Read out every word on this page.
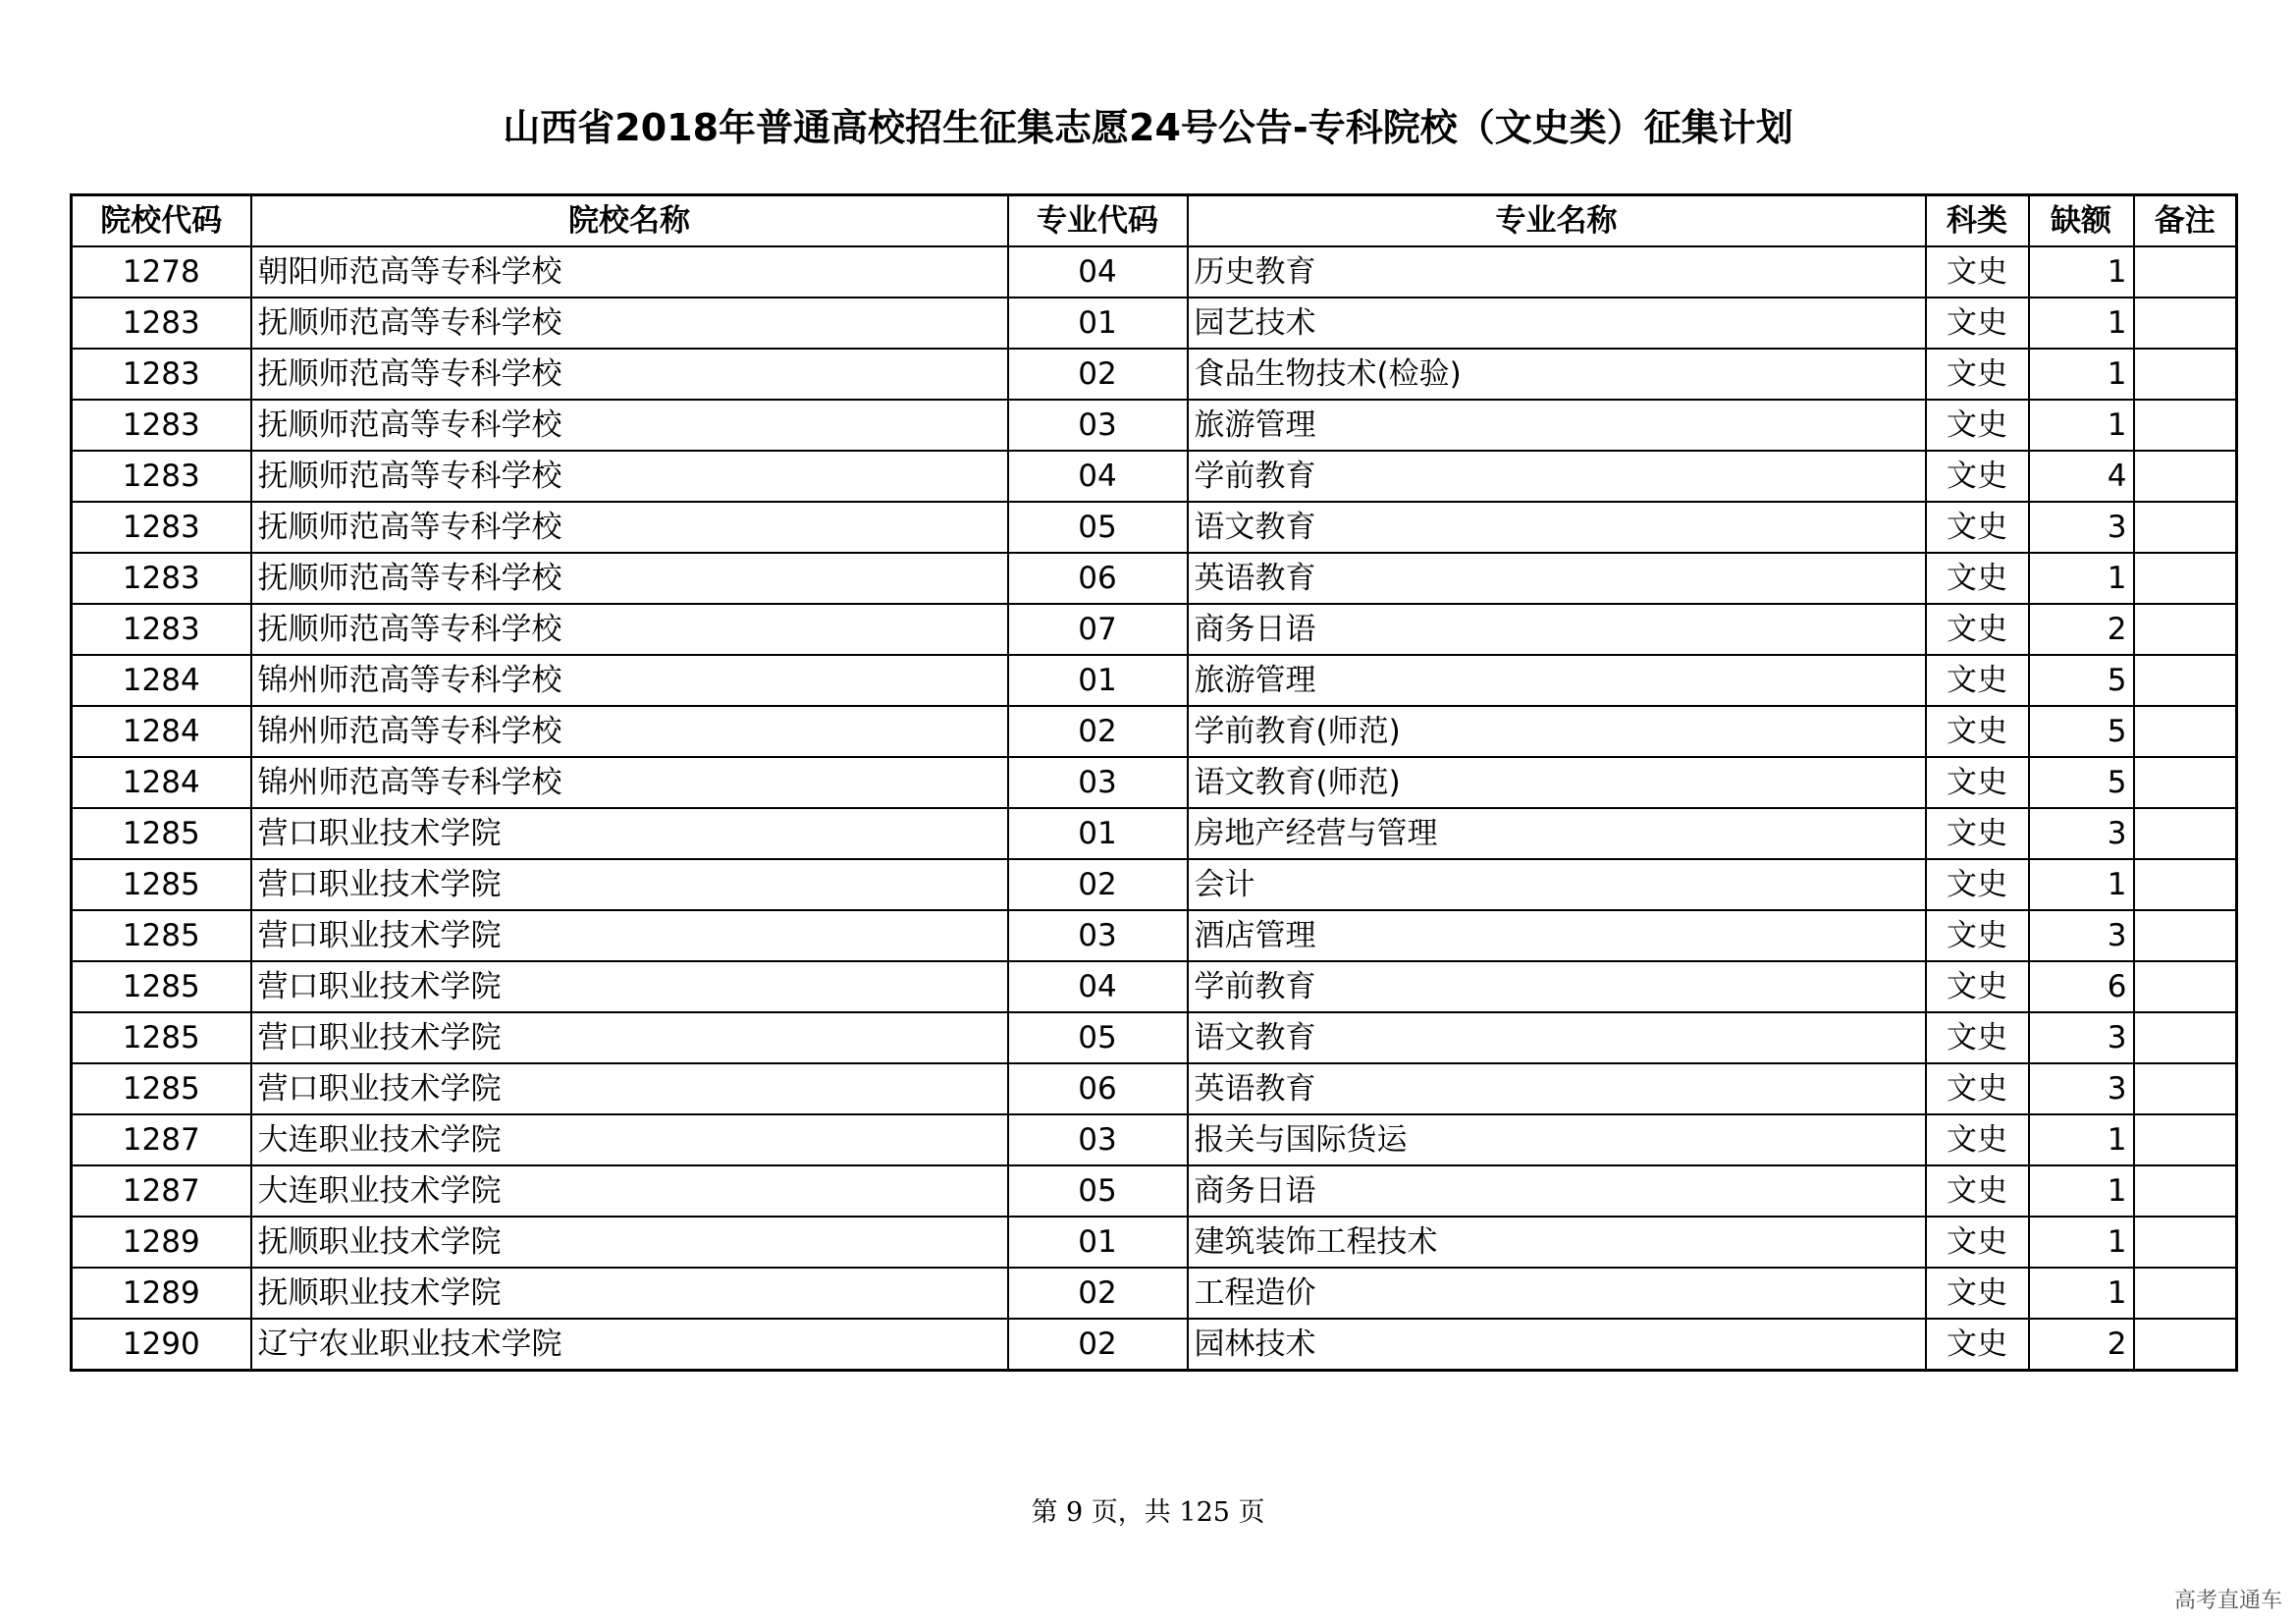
山西省2018年普通高校招生征集志愿24号公告-专科院校（文史类）征集计划
院校代码	院校名称	专业代码	专业名称	科类	缺额	备注
1278	朝阳师范高等专科学校	04	历史教育	文史	1	
1283	抚顺师范高等专科学校	01	园艺技术	文史	1	
1283	抚顺师范高等专科学校	02	食品生物技术(检验)	文史	1	
1283	抚顺师范高等专科学校	03	旅游管理	文史	1	
1283	抚顺师范高等专科学校	04	学前教育	文史	4	
1283	抚顺师范高等专科学校	05	语文教育	文史	3	
1283	抚顺师范高等专科学校	06	英语教育	文史	1	
1283	抚顺师范高等专科学校	07	商务日语	文史	2	
1284	锦州师范高等专科学校	01	旅游管理	文史	5	
1284	锦州师范高等专科学校	02	学前教育(师范)	文史	5	
1284	锦州师范高等专科学校	03	语文教育(师范)	文史	5	
1285	营口职业技术学院	01	房地产经营与管理	文史	3	
1285	营口职业技术学院	02	会计	文史	1	
1285	营口职业技术学院	03	酒店管理	文史	3	
1285	营口职业技术学院	04	学前教育	文史	6	
1285	营口职业技术学院	05	语文教育	文史	3	
1285	营口职业技术学院	06	英语教育	文史	3	
1287	大连职业技术学院	03	报关与国际货运	文史	1	
1287	大连职业技术学院	05	商务日语	文史	1	
1289	抚顺职业技术学院	01	建筑装饰工程技术	文史	1	
1289	抚顺职业技术学院	02	工程造价	文史	1	
1290	辽宁农业职业技术学院	02	园林技术	文史	2	
第 9 页，共 125 页
高考直通车
